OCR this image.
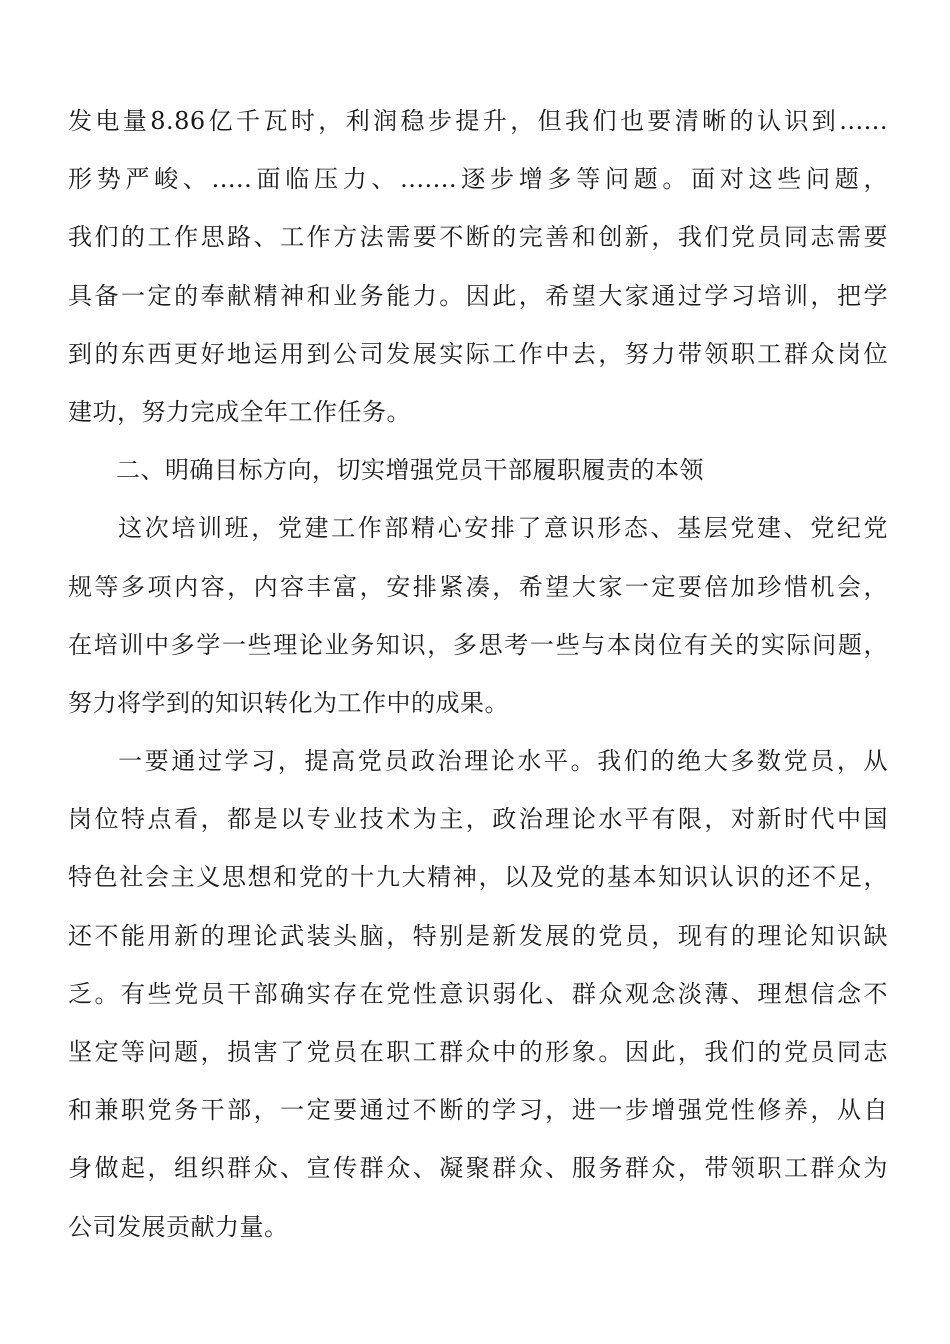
发电量8.86亿千瓦时，利润稳步提升，但我们也要清晰的认识到......
形势严峻、.....面临压力、.......逐步增多等问题。面对这些问题，
我们的工作思路、工作方法需要不断的完善和创新，我们党员同志需要
具备一定的奉献精神和业务能力。因此，希望大家通过学习培训，把学
到的东西更好地运用到公司发展实际工作中去，努力带领职工群众岗位
建功，努力完成全年工作任务。
二、明确目标方向，切实增强党员干部履职履责的本领
这次培训班，党建工作部精心安排了意识形态、基层党建、党纪党
规等多项内容，内容丰富，安排紧凑，希望大家一定要倍加珍惜机会，
在培训中多学一些理论业务知识，多思考一些与本岗位有关的实际问题，
努力将学到的知识转化为工作中的成果。
一要通过学习，提高党员政治理论水平。我们的绝大多数党员，从
岗位特点看，都是以专业技术为主，政治理论水平有限，对新时代中国
特色社会主义思想和党的十九大精神，以及党的基本知识认识的还不足，
还不能用新的理论武装头脑，特别是新发展的党员，现有的理论知识缺
乏。有些党员干部确实存在党性意识弱化、群众观念淡薄、理想信念不
坚定等问题，损害了党员在职工群众中的形象。因此，我们的党员同志
和兼职党务干部，一定要通过不断的学习，进一步增强党性修养，从自
身做起，组织群众、宣传群众、凝聚群众、服务群众，带领职工群众为
公司发展贡献力量。
